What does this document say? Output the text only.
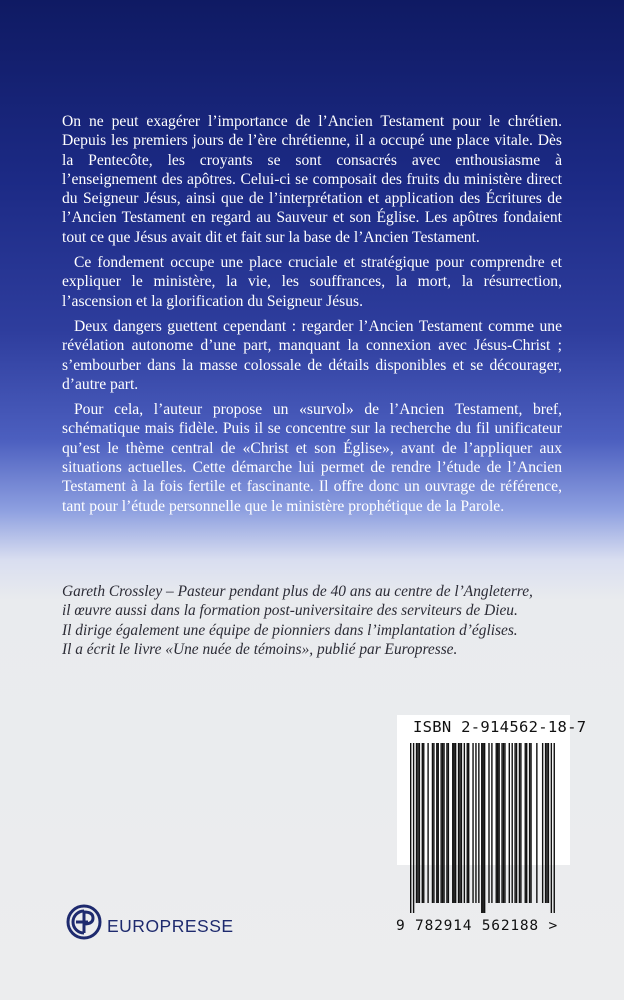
On ne peut exagérer l’importance de l’Ancien Testament pour le chrétien. Depuis les premiers jours de l’ère chrétienne, il a occupé une place vitale. Dès la Pentecôte, les croyants se sont consacrés avec enthousiasme à l’enseignement des apôtres. Celui-ci se composait des fruits du ministère direct du Seigneur Jésus, ainsi que de l’interprétation et application des Écritures de l’Ancien Testament en regard au Sauveur et son Église. Les apôtres fondaient tout ce que Jésus avait dit et fait sur la base de l’Ancien Testament.

Ce fondement occupe une place cruciale et stratégique pour comprendre et expliquer le ministère, la vie, les souffrances, la mort, la résurrection, l’ascension et la glorification du Seigneur Jésus.

Deux dangers guettent cependant : regarder l’Ancien Testament comme une révélation autonome d’une part, manquant la connexion avec Jésus-Christ ; s’embourber dans la masse colossale de détails disponibles et se décourager, d’autre part.

Pour cela, l’auteur propose un «survol» de l’Ancien Testament, bref, schématique mais fidèle. Puis il se concentre sur la recherche du fil unificateur qu’est le thème central de «Christ et son Église», avant de l’appliquer aux situations actuelles. Cette démarche lui permet de rendre l’étude de l’Ancien Testament à la fois fertile et fascinante. Il offre donc un ouvrage de référence, tant pour l’étude personnelle que le ministère prophétique de la Parole.

Gareth Crossley – Pasteur pendant plus de 40 ans au centre de l’Angleterre,

il œuvre aussi dans la formation post-universitaire des serviteurs de Dieu.

Il dirige également une équipe de pionniers dans l’implantation d’églises.

Il a écrit le livre «Une nuée de témoins», publié par Europresse.

ISBN 2-914562-18-7
9 782914 562188 >
EUROPRESSE
